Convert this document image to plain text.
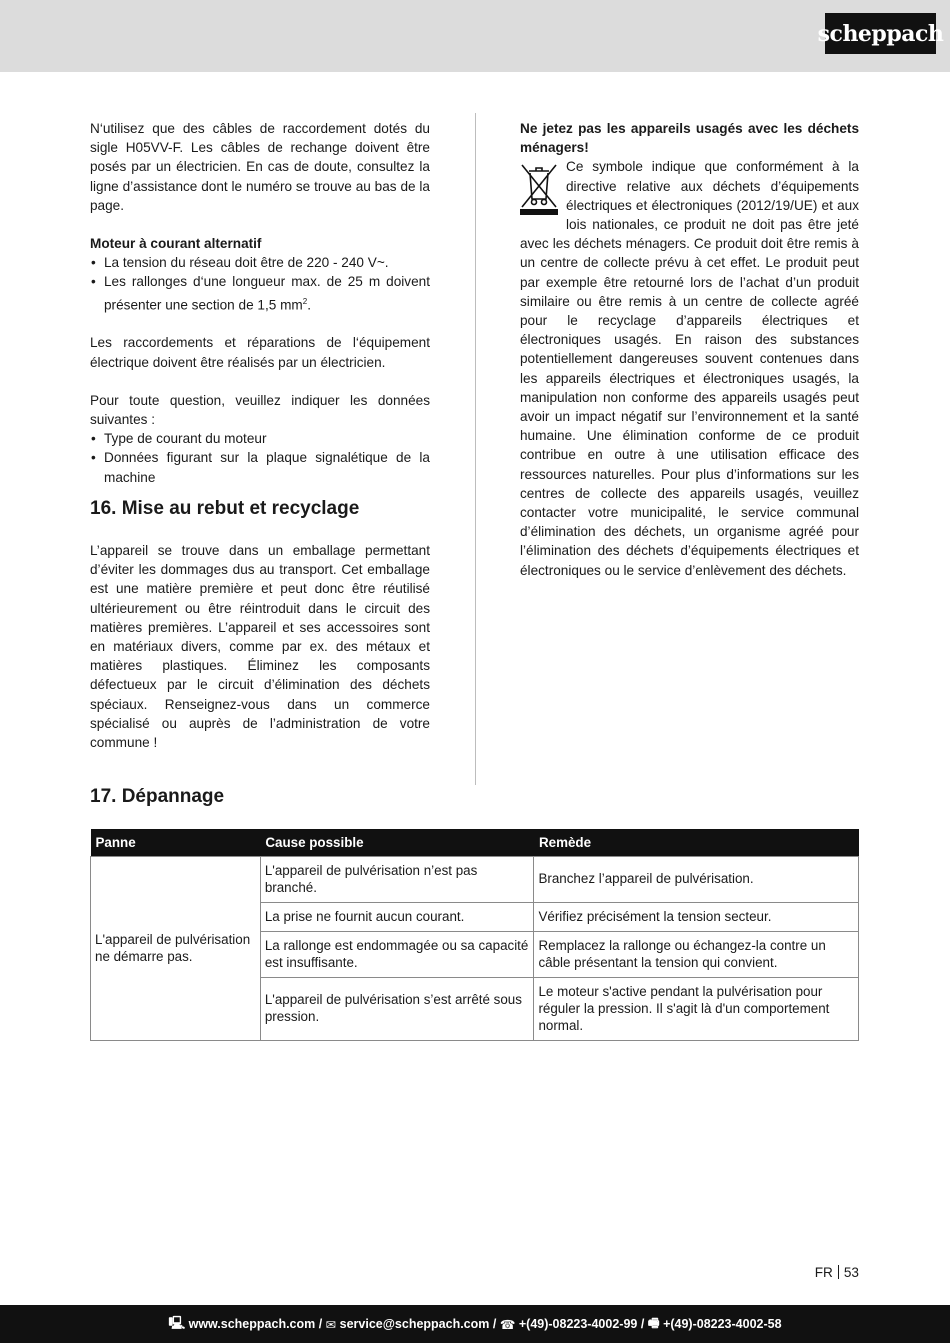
scheppach

N‘utilisez que des câbles de raccordement dotés du sigle H05VV-F. Les câbles de rechange doivent être posés par un électricien. En cas de doute, consultez la ligne d’assistance dont le numéro se trouve au bas de la page.

Moteur à courant alternatif

• La tension du réseau doit être de 220 - 240 V~.
• Les rallonges d‘une longueur max. de 25 m doivent présenter une section de 1,5 $mm^2$.

Les raccordements et réparations de l‘équipement électrique doivent être réalisés par un électricien.

Pour toute question, veuillez indiquer les données suivantes :

• Type de courant du moteur
• Données figurant sur la plaque signalétique de la machine
16. Mise au rebut et recyclage

L’appareil se trouve dans un emballage permettant d’éviter les dommages dus au transport. Cet emballage est une matière première et peut donc être réutilisé ultérieurement ou être réintroduit dans le circuit des matières premières. L’appareil et ses accessoires sont en matériaux divers, comme par ex. des métaux et matières plastiques. Éliminez les composants défectueux par le circuit d’élimination des déchets spéciaux. Renseignez-vous dans un commerce spécialisé ou auprès de l’administration de votre commune !

Ne jetez pas les appareils usagés avec les déchets ménagers!

Ce symbole indique que conformément à la directive relative aux déchets d’équipements électriques et électroniques (2012/19/UE) et aux lois nationales, ce produit ne doit pas être jeté avec les déchets ménagers. Ce produit doit être remis à un centre de collecte prévu à cet effet. Le produit peut par exemple être retourné lors de l’achat d’un produit similaire ou être remis à un centre de collecte agréé pour le recyclage d’appareils électriques et électroniques usagés. En raison des substances potentiellement dangereuses souvent contenues dans les appareils électriques et électroniques usagés, la manipulation non conforme des appareils usagés peut avoir un impact négatif sur l’environnement et la santé humaine. Une élimination conforme de ce produit contribue en outre à une utilisation efficace des ressources naturelles. Pour plus d’informations sur les centres de collecte des appareils usagés, veuillez contacter votre municipalité, le service communal d’élimination des déchets, un organisme agréé pour l’élimination des déchets d’équipements électriques et électroniques ou le service d’enlèvement des déchets.

17. Dépannage
Panne	Cause possible	Remède
L'appareil de pulvérisation ne démarre pas.	L'appareil de pulvérisation n’est pas branché.	Branchez l’appareil de pulvérisation.
	La prise ne fournit aucun courant.	Vérifiez précisément la tension secteur.
	La rallonge est endommagée ou sa capacité est insuffisante.	Remplacez la rallonge ou échangez-la contre un câble présentant la tension qui convient.
	L'appareil de pulvérisation s’est arrêté sous pression.	Le moteur s'active pendant la pulvérisation pour réguler la pression. Il s'agit là d'un comportement normal.
FR 53
🖳 www.scheppach.com / ✉ service@scheppach.com / ☎ +(49)-08223-4002-99 / 🖷 +(49)-08223-4002-58
